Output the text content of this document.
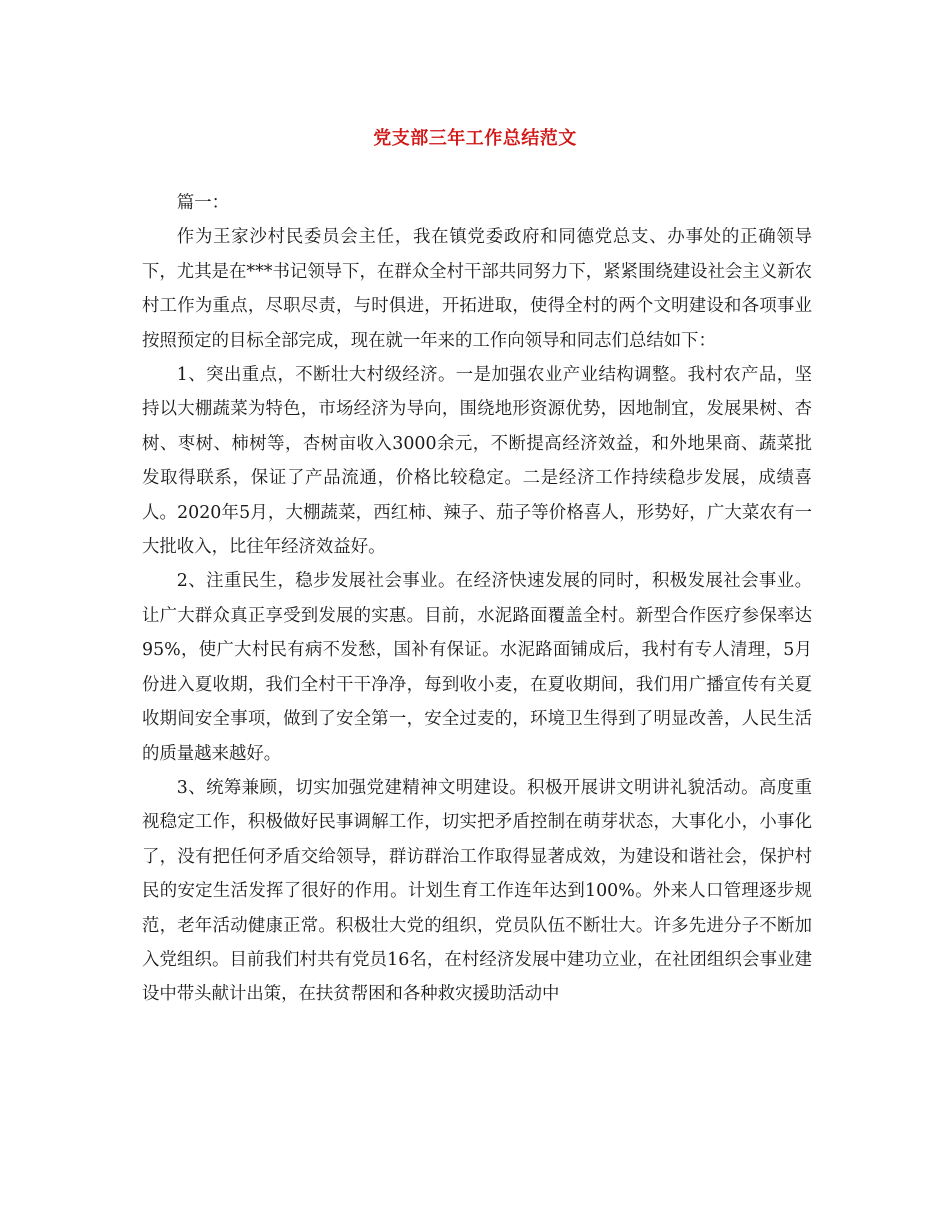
党支部三年工作总结范文

篇一：

作为王家沙村民委员会主任，我在镇党委政府和同德党总支、办事处的正确领导下，尤其是在***书记领导下，在群众全村干部共同努力下，紧紧围绕建设社会主义新农村工作为重点，尽职尽责，与时俱进，开拓进取，使得全村的两个文明建设和各项事业按照预定的目标全部完成，现在就一年来的工作向领导和同志们总结如下：

1、突出重点，不断壮大村级经济。一是加强农业产业结构调整。我村农产品，坚持以大棚蔬菜为特色，市场经济为导向，围绕地形资源优势，因地制宜，发展果树、杏树、枣树、柿树等，杏树亩收入3000余元，不断提高经济效益，和外地果商、蔬菜批发取得联系，保证了产品流通，价格比较稳定。二是经济工作持续稳步发展，成绩喜人。2020年5月，大棚蔬菜，西红柿、辣子、茄子等价格喜人，形势好，广大菜农有一大批收入，比往年经济效益好。

2、注重民生，稳步发展社会事业。在经济快速发展的同时，积极发展社会事业。让广大群众真正享受到发展的实惠。目前，水泥路面覆盖全村。新型合作医疗参保率达95%，使广大村民有病不发愁，国补有保证。水泥路面铺成后，我村有专人清理，5月份进入夏收期，我们全村干干净净，每到收小麦，在夏收期间，我们用广播宣传有关夏收期间安全事项，做到了安全第一，安全过麦的，环境卫生得到了明显改善，人民生活的质量越来越好。

3、统筹兼顾，切实加强党建精神文明建设。积极开展讲文明讲礼貌活动。高度重视稳定工作，积极做好民事调解工作，切实把矛盾控制在萌芽状态，大事化小，小事化了，没有把任何矛盾交给领导，群访群治工作取得显著成效，为建设和谐社会，保护村民的安定生活发挥了很好的作用。计划生育工作连年达到100%。外来人口管理逐步规范，老年活动健康正常。积极壮大党的组织，党员队伍不断壮大。许多先进分子不断加入党组织。目前我们村共有党员16名，在村经济发展中建功立业，在社团组织会事业建设中带头献计出策，在扶贫帮困和各种救灾援助活动中
